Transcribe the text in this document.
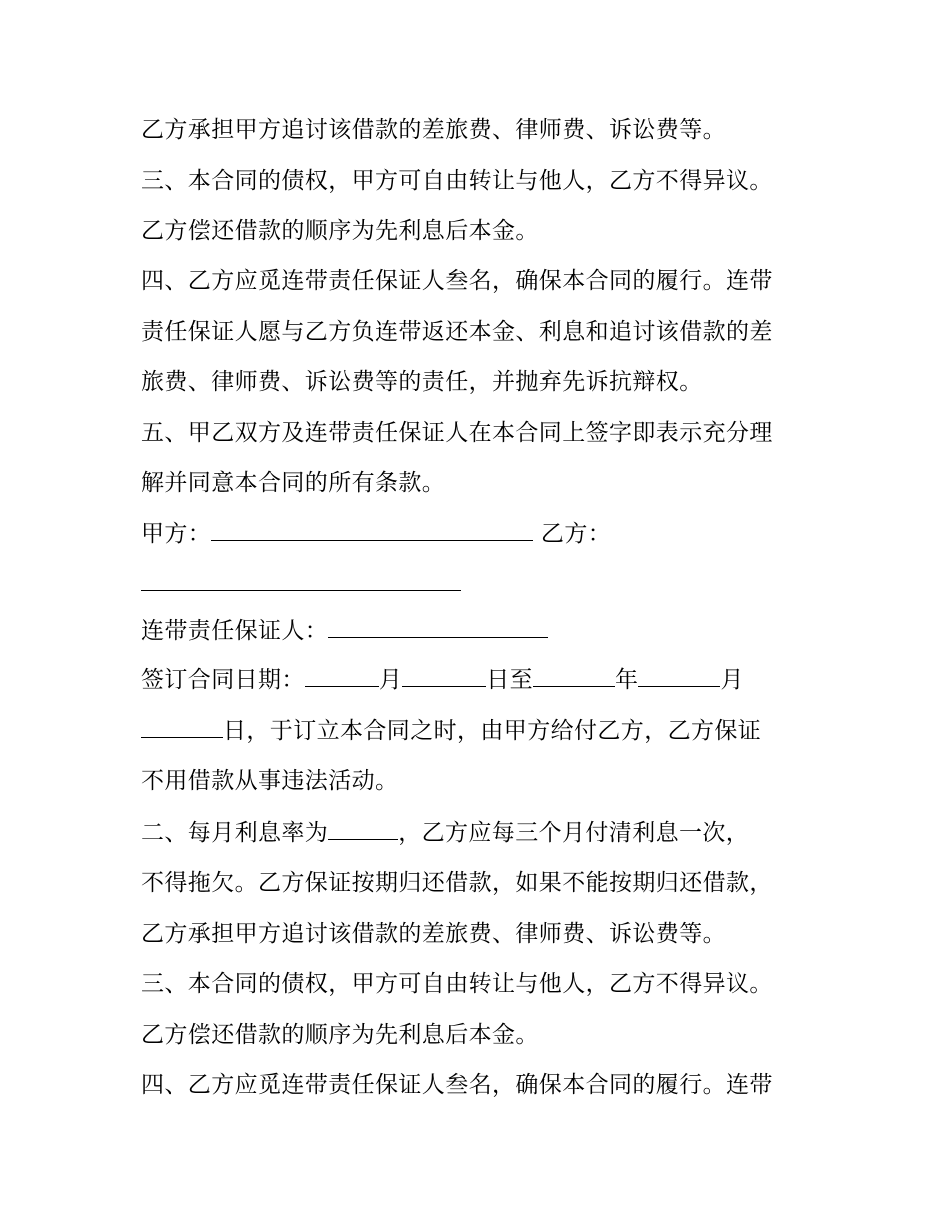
乙方承担甲方追讨该借款的差旅费、律师费、诉讼费等。
三、本合同的债权，甲方可自由转让与他人，乙方不得异议。
乙方偿还借款的顺序为先利息后本金。
四、乙方应觅连带责任保证人叁名，确保本合同的履行。连带
责任保证人愿与乙方负连带返还本金、利息和追讨该借款的差
旅费、律师费、诉讼费等的责任，并抛弃先诉抗辩权。
五、甲乙双方及连带责任保证人在本合同上签字即表示充分理
解并同意本合同的所有条款。
甲方：	乙方：
连带责任保证人：
签订合同日期：	月	日至	年	月
日，于订立本合同之时，由甲方给付乙方，乙方保证
不用借款从事违法活动。
二、每月利息率为	，乙方应每三个月付清利息一次，
不得拖欠。乙方保证按期归还借款，如果不能按期归还借款，
乙方承担甲方追讨该借款的差旅费、律师费、诉讼费等。
三、本合同的债权，甲方可自由转让与他人，乙方不得异议。
乙方偿还借款的顺序为先利息后本金。
四、乙方应觅连带责任保证人叁名，确保本合同的履行。连带
